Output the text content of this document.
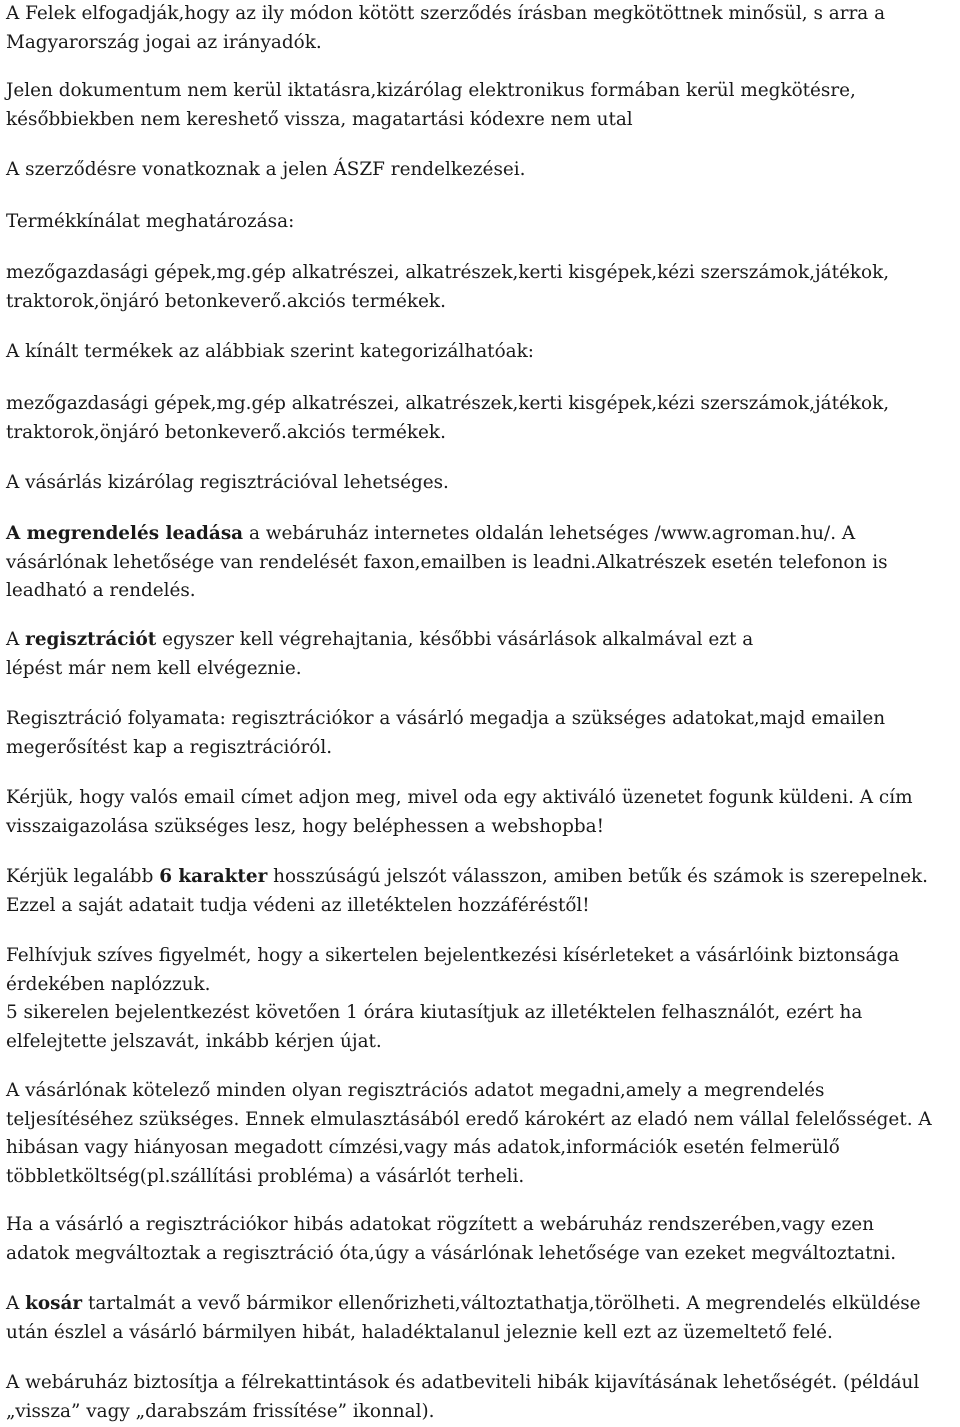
A Felek elfogadják,hogy az ily módon kötött szerződés írásban megkötöttnek minősül, s arra a
Magyarország jogai az irányadók.

Jelen dokumentum nem kerül iktatásra,kizárólag elektronikus formában kerül megkötésre,
későbbiekben nem kereshető vissza, magatartási kódexre nem utal

A szerződésre vonatkoznak a jelen ÁSZF rendelkezései.

Termékkínálat meghatározása:

mezőgazdasági gépek,mg.gép alkatrészei, alkatrészek,kerti kisgépek,kézi szerszámok,játékok,
traktorok,önjáró betonkeverő.akciós termékek.

A kínált termékek az alábbiak szerint kategorizálhatóak:

mezőgazdasági gépek,mg.gép alkatrészei, alkatrészek,kerti kisgépek,kézi szerszámok,játékok,
traktorok,önjáró betonkeverő.akciós termékek.

A vásárlás kizárólag regisztrációval lehetséges.

A megrendelés leadása a webáruház internetes oldalán lehetséges /www.agroman.hu/. A
vásárlónak lehetősége van rendelését faxon,emailben is leadni.Alkatrészek esetén telefonon is
leadható a rendelés.

A regisztrációt egyszer kell végrehajtania, későbbi vásárlások alkalmával ezt a
lépést már nem kell elvégeznie.

Regisztráció folyamata: regisztrációkor a vásárló megadja a szükséges adatokat,majd emailen
megerősítést kap a regisztrációról.

Kérjük, hogy valós email címet adjon meg, mivel oda egy aktiváló üzenetet fogunk küldeni. A cím
visszaigazolása szükséges lesz, hogy beléphessen a webshopba!

Kérjük legalább 6 karakter hosszúságú jelszót válasszon, amiben betűk és számok is szerepelnek.
Ezzel a saját adatait tudja védeni az illetéktelen hozzáféréstől!

Felhívjuk szíves figyelmét, hogy a sikertelen bejelentkezési kísérleteket a vásárlóink biztonsága
érdekében naplózzuk.
5 sikerelen bejelentkezést követően 1 órára kiutasítjuk az illetéktelen felhasználót, ezért ha
elfelejtette jelszavát, inkább kérjen újat.

A vásárlónak kötelező minden olyan regisztrációs adatot megadni,amely a megrendelés
teljesítéséhez szükséges. Ennek elmulasztásából eredő károkért az eladó nem vállal felelősséget. A
hibásan vagy hiányosan megadott címzési,vagy más adatok,információk esetén felmerülő
többletköltség(pl.szállítási probléma) a vásárlót terheli.

Ha a vásárló a regisztrációkor hibás adatokat rögzített a webáruház rendszerében,vagy ezen
adatok megváltoztak a regisztráció óta,úgy a vásárlónak lehetősége van ezeket megváltoztatni.

A kosár tartalmát a vevő bármikor ellenőrizheti,változtathatja,törölheti. A megrendelés elküldése
után észlel a vásárló bármilyen hibát, haladéktalanul jeleznie kell ezt az üzemeltető felé.

A webáruház biztosítja a félrekattintások és adatbeviteli hibák kijavításának lehetőségét. (például
„vissza” vagy „darabszám frissítése” ikonnal).
